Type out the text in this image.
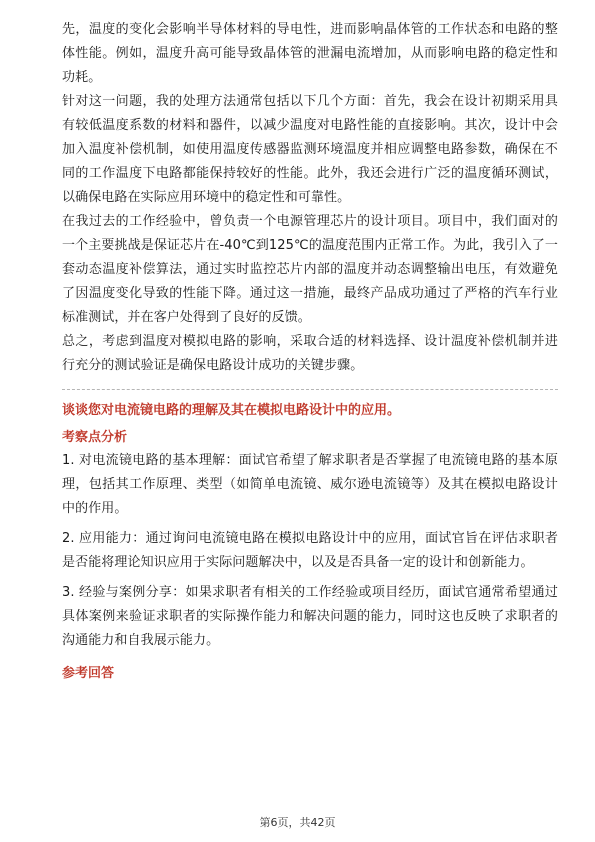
先，温度的变化会影响半导体材料的导电性，进而影响晶体管的工作状态和电路的整体性能。例如，温度升高可能导致晶体管的泄漏电流增加，从而影响电路的稳定性和功耗。

针对这一问题，我的处理方法通常包括以下几个方面：首先，我会在设计初期采用具有较低温度系数的材料和器件，以减少温度对电路性能的直接影响。其次，设计中会加入温度补偿机制，如使用温度传感器监测环境温度并相应调整电路参数，确保在不同的工作温度下电路都能保持较好的性能。此外，我还会进行广泛的温度循环测试，以确保电路在实际应用环境中的稳定性和可靠性。

在我过去的工作经验中，曾负责一个电源管理芯片的设计项目。项目中，我们面对的一个主要挑战是保证芯片在-40℃到125℃的温度范围内正常工作。为此，我引入了一套动态温度补偿算法，通过实时监控芯片内部的温度并动态调整输出电压，有效避免了因温度变化导致的性能下降。通过这一措施，最终产品成功通过了严格的汽车行业标准测试，并在客户处得到了良好的反馈。

总之，考虑到温度对模拟电路的影响，采取合适的材料选择、设计温度补偿机制并进行充分的测试验证是确保电路设计成功的关键步骤。

谈谈您对电流镜电路的理解及其在模拟电路设计中的应用。

考察点分析

1. 对电流镜电路的基本理解：面试官希望了解求职者是否掌握了电流镜电路的基本原理，包括其工作原理、类型（如简单电流镜、威尔逊电流镜等）及其在模拟电路设计中的作用。

2. 应用能力：通过询问电流镜电路在模拟电路设计中的应用，面试官旨在评估求职者是否能将理论知识应用于实际问题解决中，以及是否具备一定的设计和创新能力。

3. 经验与案例分享：如果求职者有相关的工作经验或项目经历，面试官通常希望通过具体案例来验证求职者的实际操作能力和解决问题的能力，同时这也反映了求职者的沟通能力和自我展示能力。

参考回答

第6页，共42页
